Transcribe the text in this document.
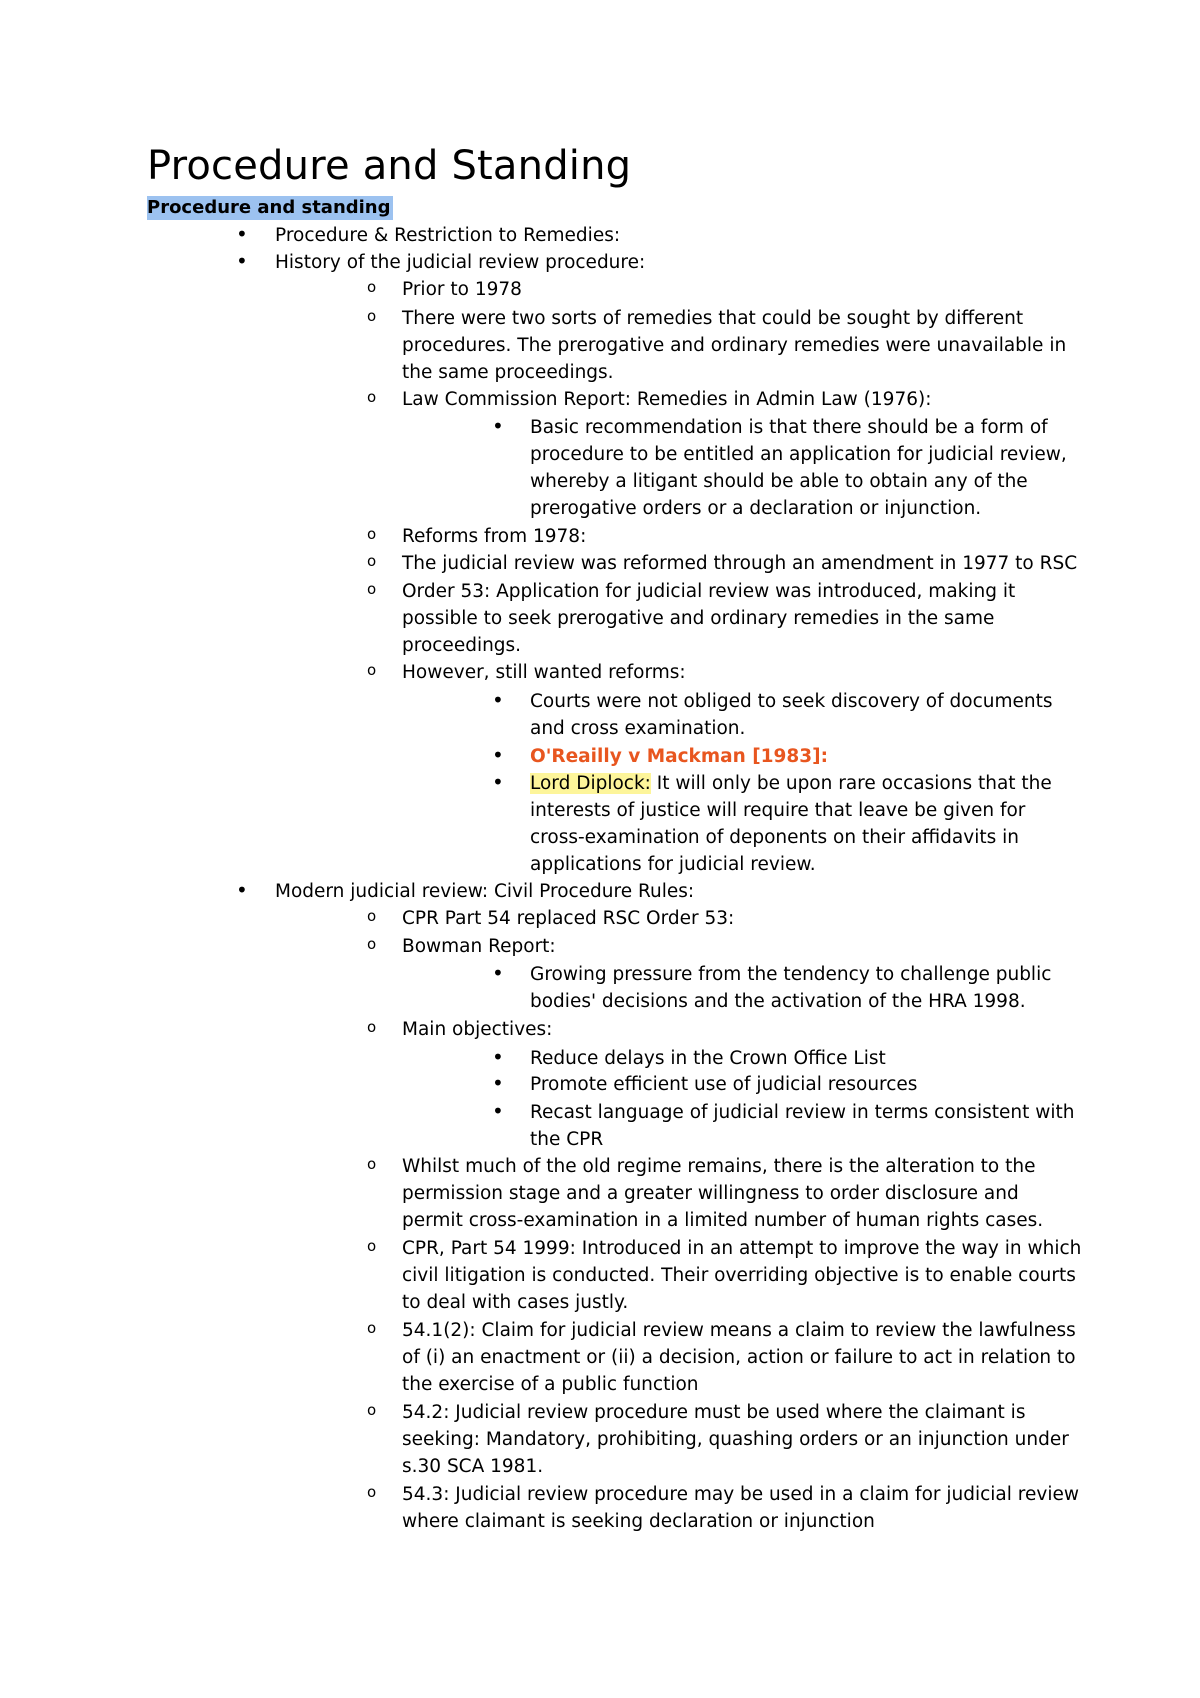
Procedure and Standing
Procedure and standing
• Procedure & Restriction to Remedies:
• History of the judicial review procedure:
o Prior to 1978
o There were two sorts of remedies that could be sought by different
procedures. The prerogative and ordinary remedies were unavailable in
the same proceedings.
o Law Commission Report: Remedies in Admin Law (1976):
• Basic recommendation is that there should be a form of
procedure to be entitled an application for judicial review,
whereby a litigant should be able to obtain any of the
prerogative orders or a declaration or injunction.
o Reforms from 1978:
o The judicial review was reformed through an amendment in 1977 to RSC
o Order 53: Application for judicial review was introduced, making it
possible to seek prerogative and ordinary remedies in the same
proceedings.
o However, still wanted reforms:
• Courts were not obliged to seek discovery of documents
and cross examination.
• O'Reailly v Mackman [1983]:
• Lord Diplock: It will only be upon rare occasions that the
interests of justice will require that leave be given for
cross-examination of deponents on their affidavits in
applications for judicial review.
• Modern judicial review: Civil Procedure Rules:
o CPR Part 54 replaced RSC Order 53:
o Bowman Report:
• Growing pressure from the tendency to challenge public
bodies' decisions and the activation of the HRA 1998.
o Main objectives:
• Reduce delays in the Crown Office List
• Promote efficient use of judicial resources
• Recast language of judicial review in terms consistent with
the CPR
o Whilst much of the old regime remains, there is the alteration to the
permission stage and a greater willingness to order disclosure and
permit cross-examination in a limited number of human rights cases.
o CPR, Part 54 1999: Introduced in an attempt to improve the way in which
civil litigation is conducted. Their overriding objective is to enable courts
to deal with cases justly.
o 54.1(2): Claim for judicial review means a claim to review the lawfulness
of (i) an enactment or (ii) a decision, action or failure to act in relation to
the exercise of a public function
o 54.2: Judicial review procedure must be used where the claimant is
seeking: Mandatory, prohibiting, quashing orders or an injunction under
s.30 SCA 1981.
o 54.3: Judicial review procedure may be used in a claim for judicial review
where claimant is seeking declaration or injunction
